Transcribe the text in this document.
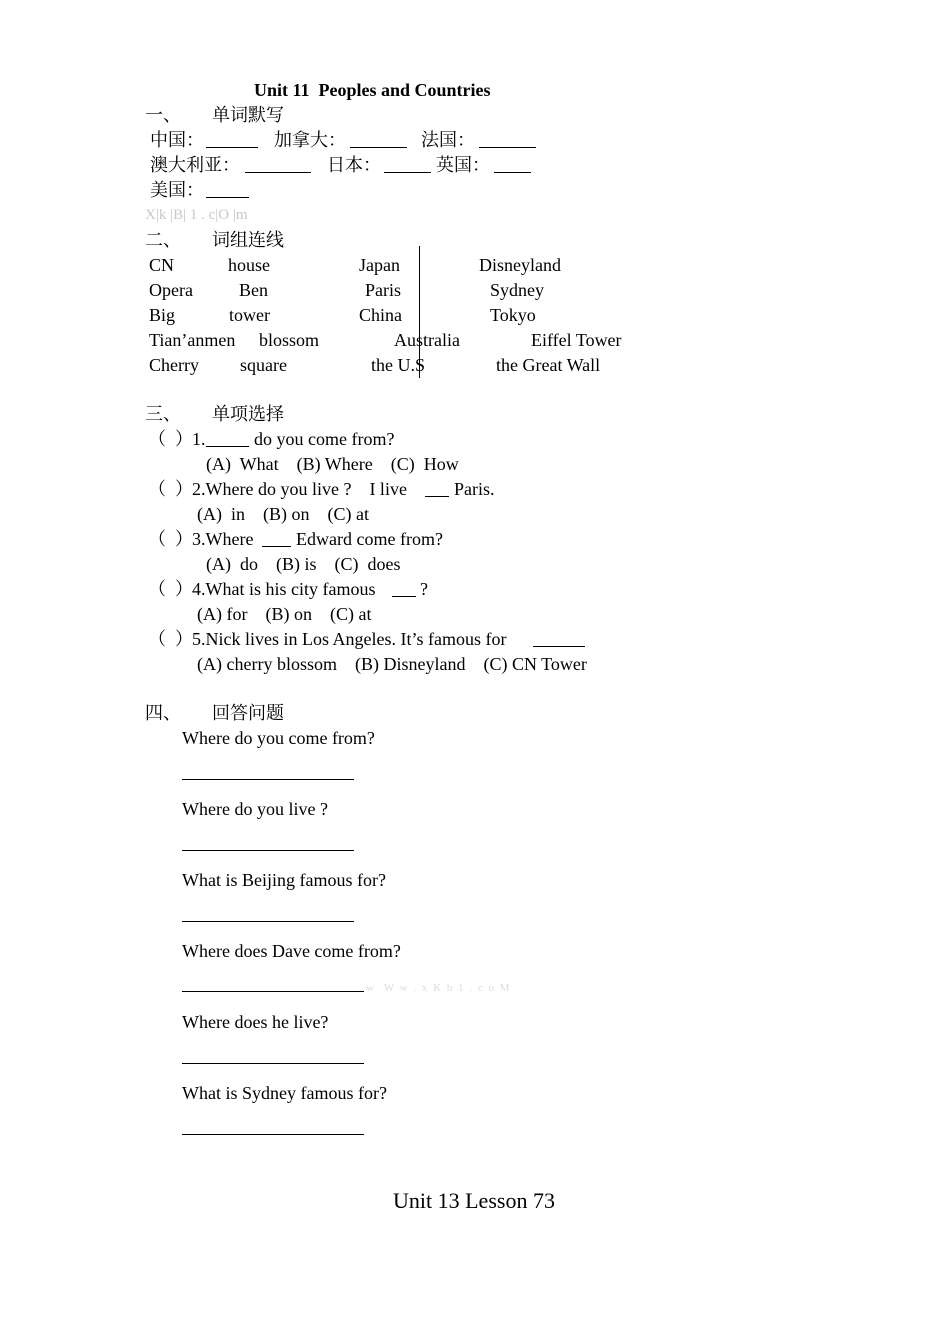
Unit 11  Peoples and Countries
一、 单词默写
中国：	加拿大：	法国：
澳大利亚：	日本：	英国：
美国：
X|k |B| 1 . c|O |m
二、 词组连线
CN	house	Japan	Disneyland
Opera	Ben	Paris	Sydney
Big	tower	China	Tokyo
Tian’anmen blossom	Australia	Eiffel Tower
Cherry square	the U.S	the Great Wall
三、 单项选择
（  ） 1.	do you come from?
(A)  What    (B) Where    (C)  How
（  ） 2.Where do you live ?    I live	Paris.
(A)  in    (B) on    (C) at
（  ） 3.Where Edward come from?
(A)  do    (B) is    (C)  does
（  ） 4.What is his city famous ?
(A) for    (B) on    (C) at
（  ） 5.Nick lives in Los Angeles. It’s famous for
(A) cherry blossom    (B) Disneyland    (C) CN Tower
四、 回答问题
Where do you come from?
Where do you live ?
What is Beijing famous for?
Where does Dave come from?
w  W w . x K b 1 . c o M
Where does he live?
What is Sydney famous for?
Unit 13 Lesson 73
